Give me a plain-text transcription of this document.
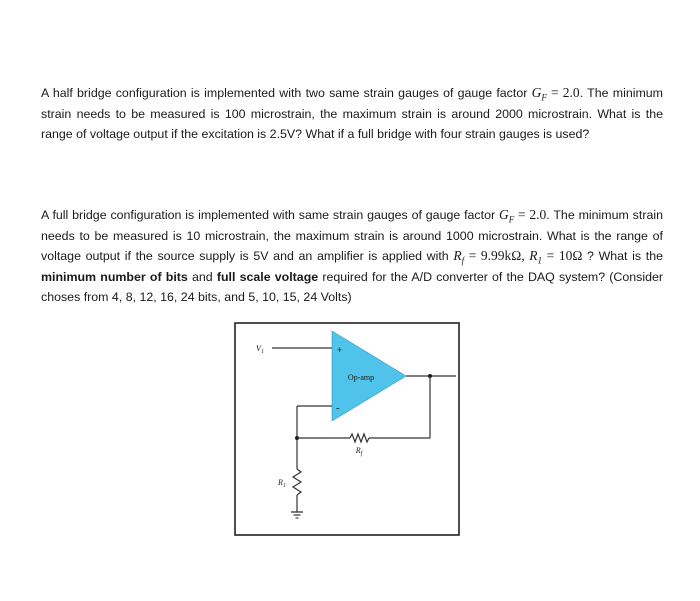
A half bridge configuration is implemented with two same strain gauges of gauge factor $G_F = 2.0$. The minimum strain needs to be measured is 100 microstrain, the maximum strain is around 2000 microstrain. What is the range of voltage output if the excitation is 2.5V? What if a full bridge with four strain gauges is used?

A full bridge configuration is implemented with same strain gauges of gauge factor $G_F = 2.0$. The minimum strain needs to be measured is 10 microstrain, the maximum strain is around 1000 microstrain. What is the range of voltage output if the source supply is 5V and an amplifier is applied with $R_f = 9.99k\Omega$, $R_1 = 10\Omega$ ? What is the minimum number of bits and full scale voltage required for the A/D converter of the DAQ system? (Consider choses from 4, 8, 12, 16, 24 bits, and 5, 10, 15, 24 Volts)

Op-amp
+
-
$R_f$
$R_1$
$V_1$
